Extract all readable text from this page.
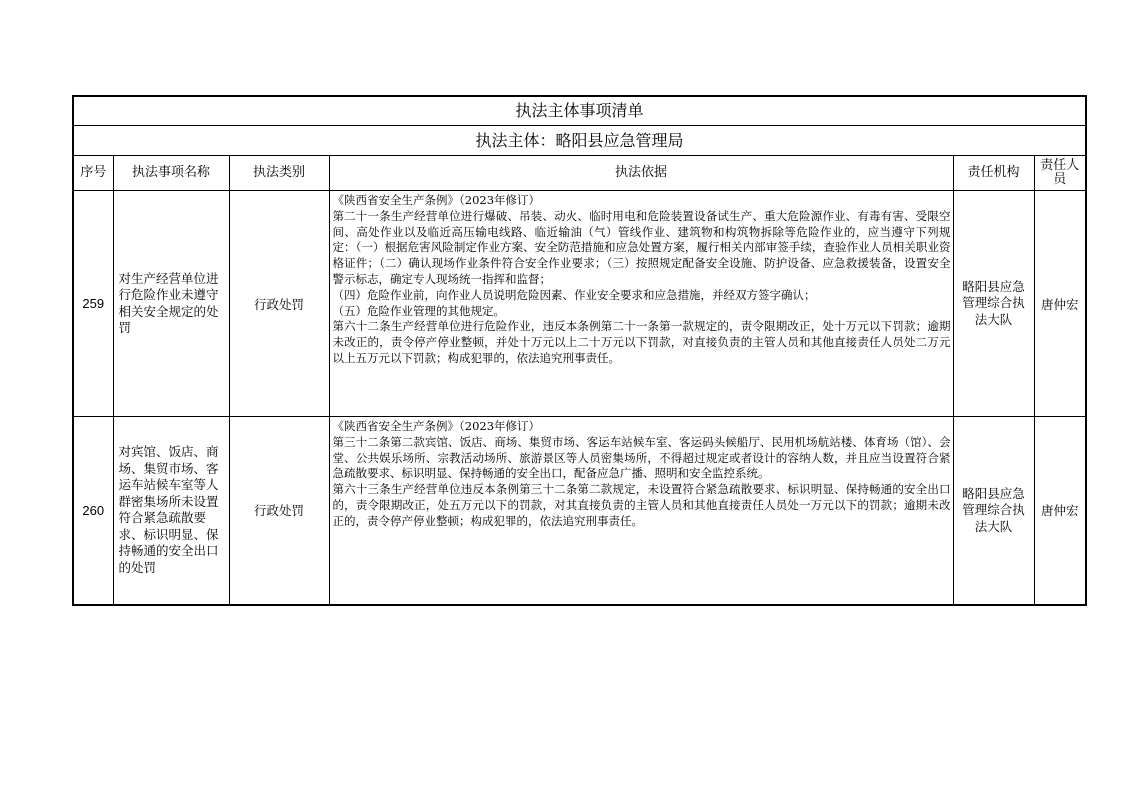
执法主体事项清单					
执法主体：略阳县应急管理局					
序号	执法事项名称	执法类别	执法依据	责任机构	责任人员
259	对生产经营单位进行危险作业未遵守相关安全规定的处罚	行政处罚	《陕西省安全生产条例》（2023年修订）

第二十一条生产经营单位进行爆破、吊装、动火、临时用电和危险装置设备试生产、重大危险源作业、有毒有害、受限空间、高处作业以及临近高压输电线路、临近输油（气）管线作业、建筑物和构筑物拆除等危险作业的，应当遵守下列规定：（一）根据危害风险制定作业方案、安全防范措施和应急处置方案，履行相关内部审签手续，查验作业人员相关职业资格证件；（二）确认现场作业条件符合安全作业要求；（三）按照规定配备安全设施、防护设备、应急救援装备，设置安全警示标志，确定专人现场统一指挥和监督；

（四）危险作业前，向作业人员说明危险因素、作业安全要求和应急措施，并经双方签字确认；

（五）危险作业管理的其他规定。

第六十二条生产经营单位进行危险作业，违反本条例第二十一条第一款规定的，责令限期改正，处十万元以下罚款；逾期未改正的，责令停产停业整顿，并处十万元以上二十万元以下罚款，对直接负责的主管人员和其他直接责任人员处二万元以上五万元以下罚款；构成犯罪的，依法追究刑事责任。	略阳县应急管理综合执法大队	唐仲宏
260	对宾馆、饭店、商场、集贸市场、客运车站候车室等人群密集场所未设置符合紧急疏散要求、标识明显、保持畅通的安全出口的处罚	行政处罚	《陕西省安全生产条例》（2023年修订）

第三十二条第二款宾馆、饭店、商场、集贸市场、客运车站候车室、客运码头候船厅、民用机场航站楼、体育场（馆）、会堂、公共娱乐场所、宗教活动场所、旅游景区等人员密集场所，不得超过规定或者设计的容纳人数，并且应当设置符合紧急疏散要求、标识明显、保持畅通的安全出口，配备应急广播、照明和安全监控系统。

第六十三条生产经营单位违反本条例第三十二条第二款规定，未设置符合紧急疏散要求、标识明显、保持畅通的安全出口的，责令限期改正，处五万元以下的罚款，对其直接负责的主管人员和其他直接责任人员处一万元以下的罚款；逾期未改正的，责令停产停业整顿；构成犯罪的，依法追究刑事责任。	略阳县应急管理综合执法大队	唐仲宏
